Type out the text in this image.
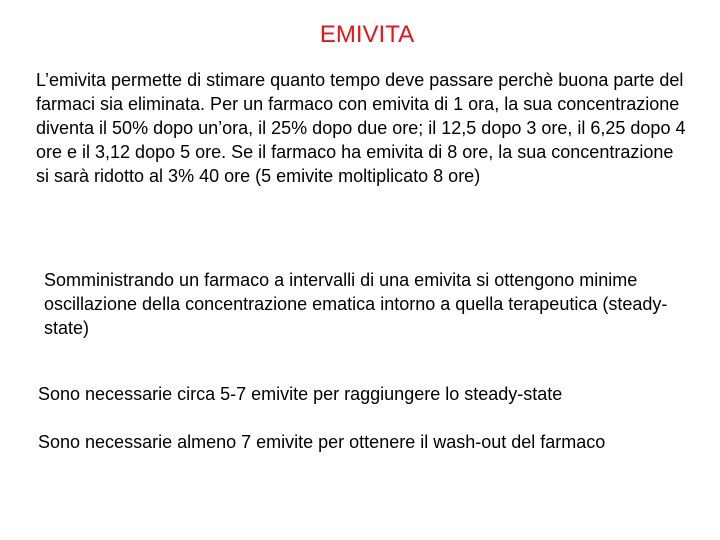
EMIVITA

L’emivita permette di stimare quanto tempo deve passare perchè buona parte del farmaci sia eliminata. Per un farmaco con emivita di 1 ora, la sua concentrazione diventa il 50% dopo un’ora, il 25% dopo due ore; il 12,5 dopo 3 ore, il 6,25 dopo 4 ore e il 3,12 dopo 5 ore. Se il farmaco ha emivita di 8 ore, la sua concentrazione si sarà ridotto al 3% 40 ore (5 emivite moltiplicato 8 ore)

Somministrando un farmaco a intervalli di una emivita si ottengono minime oscillazione della concentrazione ematica intorno a quella terapeutica (steady-state)

Sono necessarie circa 5-7 emivite per raggiungere lo steady-state

Sono necessarie almeno 7 emivite per ottenere il wash-out del farmaco
